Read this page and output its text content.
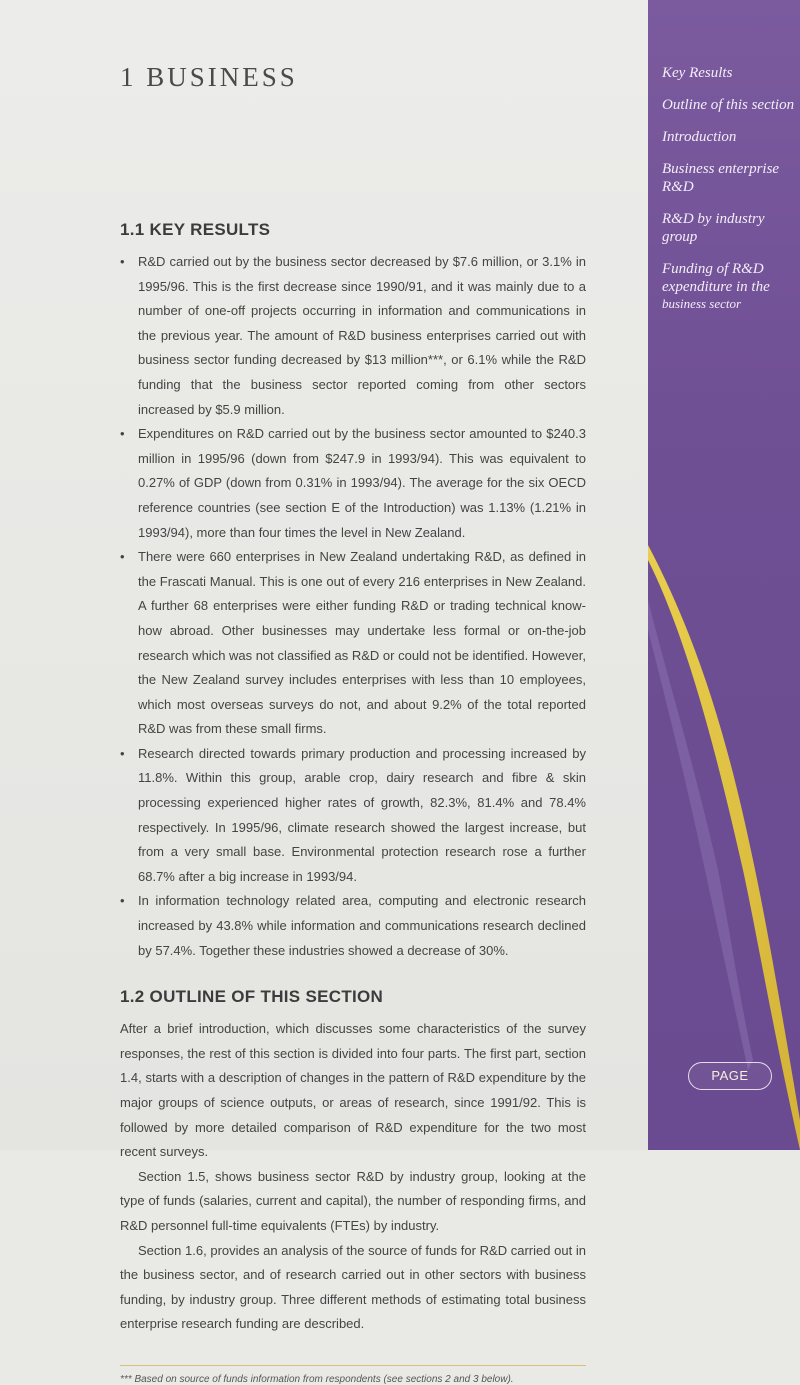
1 BUSINESS
1.1 KEY RESULTS
• R&D carried out by the business sector decreased by $7.6 million, or 3.1% in 1995/96. This is the first decrease since 1990/91, and it was mainly due to a number of one-off projects occurring in information and communications in the previous year. The amount of R&D business enterprises carried out with business sector funding decreased by $13 million***, or 6.1% while the R&D funding that the business sector reported coming from other sectors increased by $5.9 million.
• Expenditures on R&D carried out by the business sector amounted to $240.3 million in 1995/96 (down from $247.9 in 1993/94). This was equivalent to 0.27% of GDP (down from 0.31% in 1993/94). The average for the six OECD reference countries (see section E of the Introduction) was 1.13% (1.21% in 1993/94), more than four times the level in New Zealand.
• There were 660 enterprises in New Zealand undertaking R&D, as defined in the Frascati Manual. This is one out of every 216 enterprises in New Zealand. A further 68 enterprises were either funding R&D or trading technical know-how abroad. Other businesses may undertake less formal or on-the-job research which was not classified as R&D or could not be identified. However, the New Zealand survey includes enterprises with less than 10 employees, which most overseas surveys do not, and about 9.2% of the total reported R&D was from these small firms.
• Research directed towards primary production and processing increased by 11.8%. Within this group, arable crop, dairy research and fibre & skin processing experienced higher rates of growth, 82.3%, 81.4% and 78.4% respectively. In 1995/96, climate research showed the largest increase, but from a very small base. Environmental protection research rose a further 68.7% after a big increase in 1993/94.
• In information technology related area, computing and electronic research increased by 43.8% while information and communications research declined by 57.4%. Together these industries showed a decrease of 30%.
1.2 OUTLINE OF THIS SECTION

After a brief introduction, which discusses some characteristics of the survey responses, the rest of this section is divided into four parts. The first part, section 1.4, starts with a description of changes in the pattern of R&D expenditure by the major groups of science outputs, or areas of research, since 1991/92. This is followed by more detailed comparison of R&D expenditure for the two most recent surveys.

Section 1.5, shows business sector R&D by industry group, looking at the type of funds (salaries, current and capital), the number of responding firms, and R&D personnel full-time equivalents (FTEs) by industry.

Section 1.6, provides an analysis of the source of funds for R&D carried out in the business sector, and of research carried out in other sectors with business funding, by industry group. Three different methods of estimating total business enterprise research funding are described.

*** Based on source of funds information from respondents (see sections 2 and 3 below).
Key Results
Outline of this section
Introduction
Business enterprise R&D
R&D by industry group
Funding of R&D
expenditure in the
business sector
PAGE
